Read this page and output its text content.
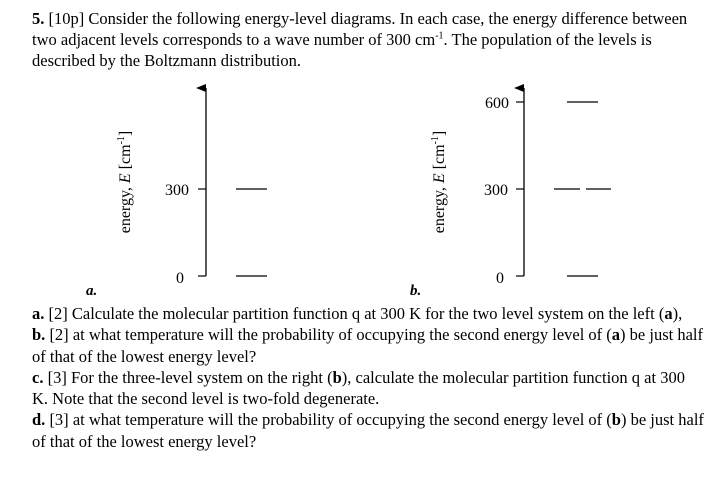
5. [10p] Consider the following energy-level diagrams. In each case, the energy difference between two adjacent levels corresponds to a wave number of 300 $cm^{-1}$. The population of the levels is described by the Boltzmann distribution.

energy, E $[cm^{-1}]$
300
0
a.
energy, E $[cm^{-1}]$
600
300
0
b.

a. [2] Calculate the molecular partition function q at 300 K for the two level system on the left (a),

b. [2] at what temperature will the probability of occupying the second energy level of (a) be just half of that of the lowest energy level?

c. [3] For the three-level system on the right (b), calculate the molecular partition function q at 300 K. Note that the second level is two-fold degenerate.

d. [3] at what temperature will the probability of occupying the second energy level of (b) be just half of that of the lowest energy level?
